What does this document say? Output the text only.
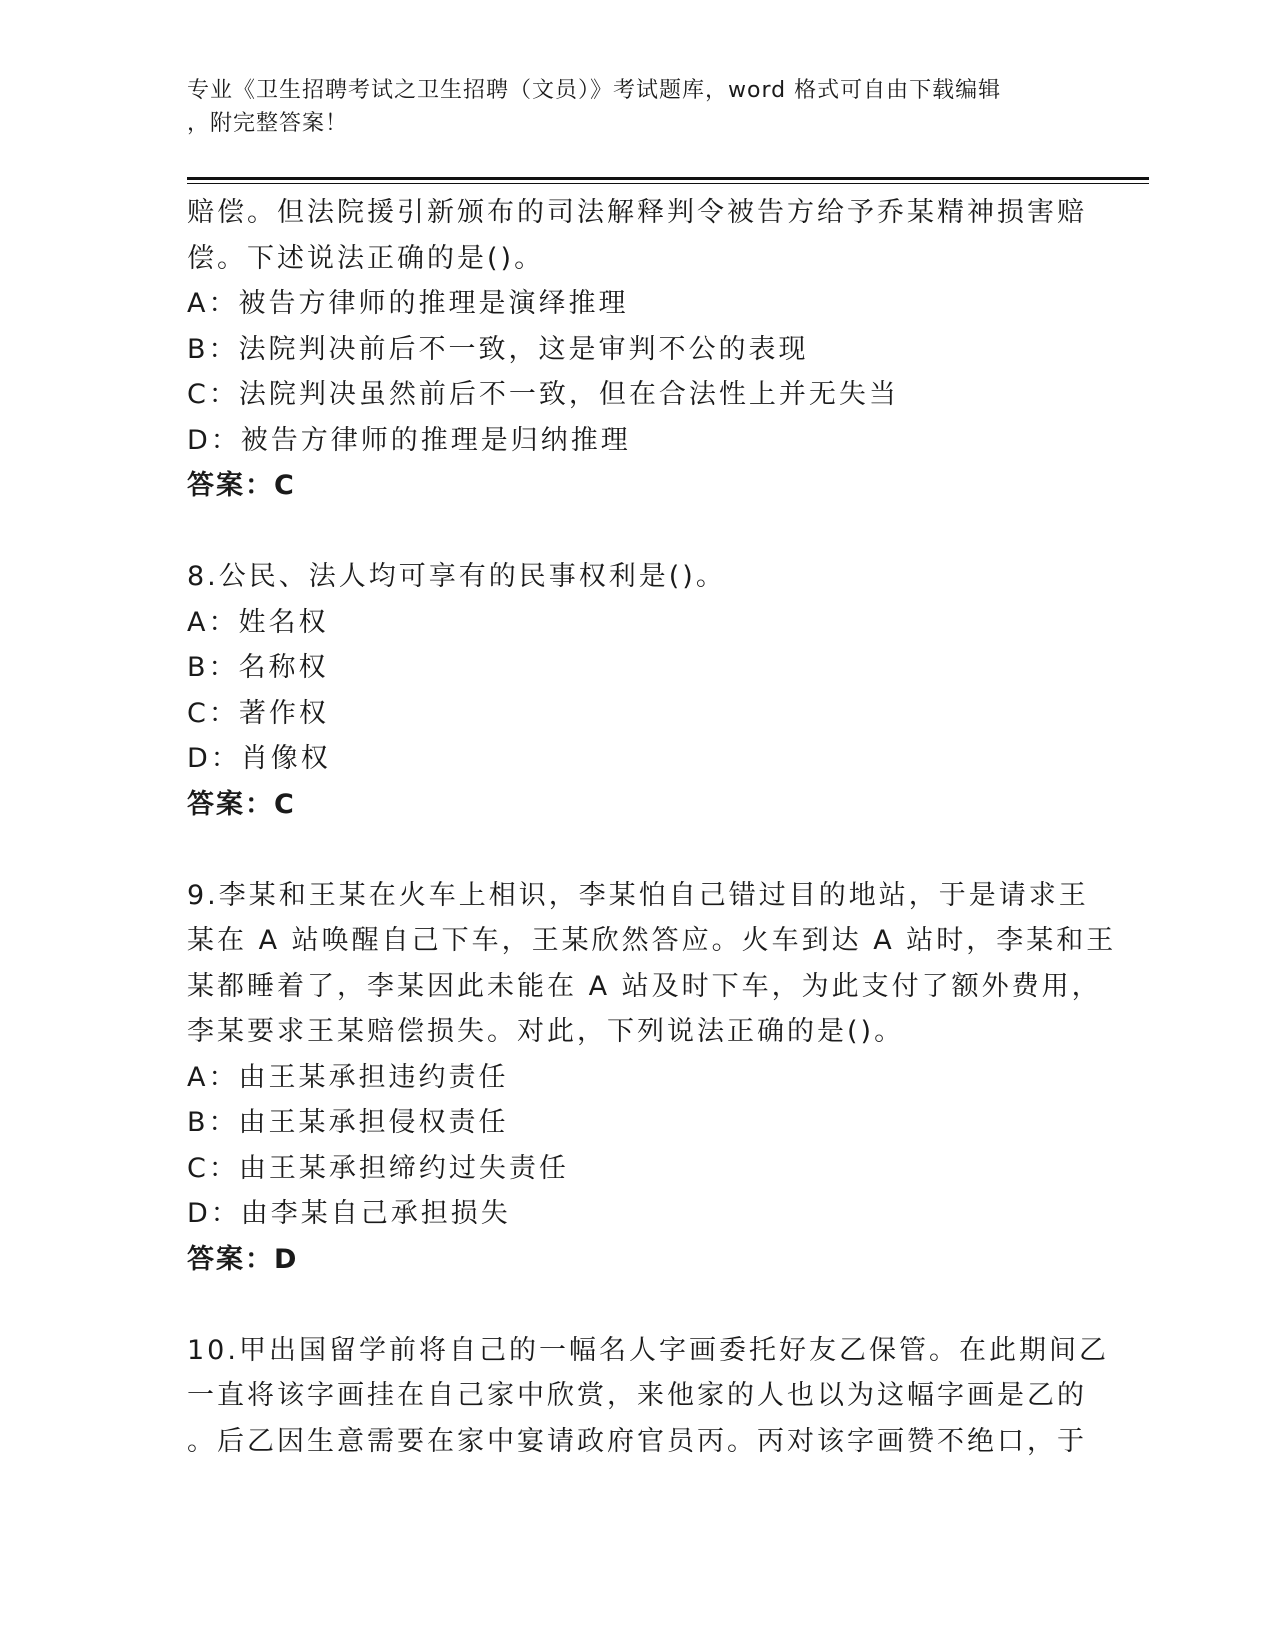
专业《卫生招聘考试之卫生招聘（文员）》考试题库，word 格式可自由下载编辑
，附完整答案！
赔偿。但法院援引新颁布的司法解释判令被告方给予乔某精神损害赔
偿。下述说法正确的是()。
A：被告方律师的推理是演绎推理
B：法院判决前后不一致，这是审判不公的表现
C：法院判决虽然前后不一致，但在合法性上并无失当
D：被告方律师的推理是归纳推理
答案：C
8.公民、法人均可享有的民事权利是()。
A：姓名权
B：名称权
C：著作权
D：肖像权
答案：C
9.李某和王某在火车上相识，李某怕自己错过目的地站，于是请求王
某在 A 站唤醒自己下车，王某欣然答应。火车到达 A 站时，李某和王
某都睡着了，李某因此未能在 A 站及时下车，为此支付了额外费用，
李某要求王某赔偿损失。对此，下列说法正确的是()。
A：由王某承担违约责任
B：由王某承担侵权责任
C：由王某承担缔约过失责任
D：由李某自己承担损失
答案：D
10.甲出国留学前将自己的一幅名人字画委托好友乙保管。在此期间乙
一直将该字画挂在自己家中欣赏，来他家的人也以为这幅字画是乙的
。后乙因生意需要在家中宴请政府官员丙。丙对该字画赞不绝口，于
